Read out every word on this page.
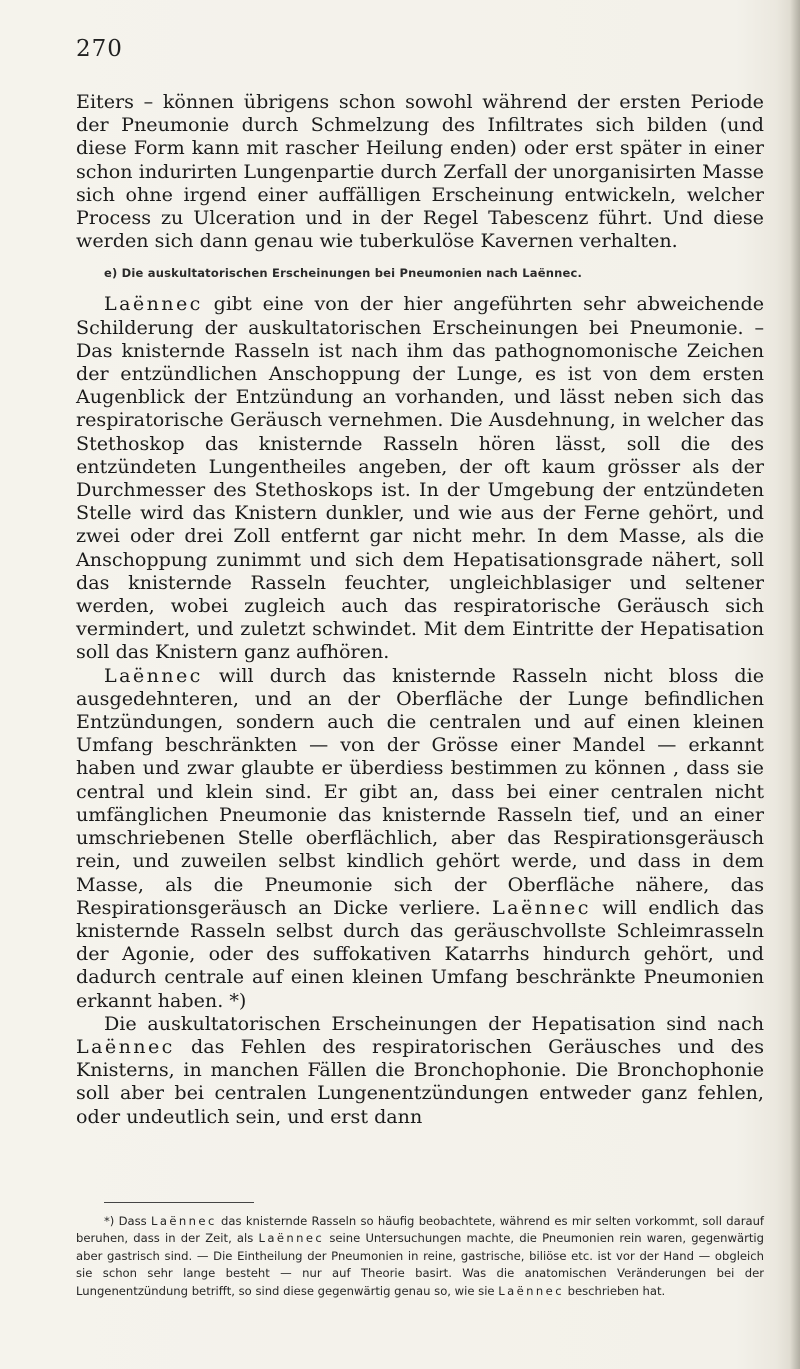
270

Eiters – können übrigens schon sowohl während der ersten Periode der Pneumonie durch Schmelzung des Infiltrates sich bilden (und diese Form kann mit rascher Heilung enden) oder erst später in einer schon indurirten Lungenpartie durch Zerfall der unorganisirten Masse sich ohne irgend einer auffälligen Erscheinung entwickeln, welcher Process zu Ulceration und in der Regel Tabescenz führt. Und diese werden sich dann genau wie tuberkulöse Kavernen verhalten.

e) Die auskultatorischen Erscheinungen bei Pneumonien nach Laënnec.

Laënnec gibt eine von der hier angeführten sehr abweichende Schilderung der auskultatorischen Erscheinungen bei Pneumonie. – Das knisternde Rasseln ist nach ihm das pathognomonische Zeichen der entzündlichen Anschoppung der Lunge, es ist von dem ersten Augenblick der Entzündung an vorhanden, und lässt neben sich das respiratorische Geräusch vernehmen. Die Ausdehnung, in welcher das Stethoskop das knisternde Rasseln hören lässt, soll die des entzündeten Lungentheiles angeben, der oft kaum grösser als der Durchmesser des Stethoskops ist. In der Umgebung der entzündeten Stelle wird das Knistern dunkler, und wie aus der Ferne gehört, und zwei oder drei Zoll entfernt gar nicht mehr. In dem Masse, als die Anschoppung zunimmt und sich dem Hepatisationsgrade nähert, soll das knisternde Rasseln feuchter, ungleichblasiger und seltener werden, wobei zugleich auch das respiratorische Geräusch sich vermindert, und zuletzt schwindet. Mit dem Eintritte der Hepatisation soll das Knistern ganz aufhören.

Laënnec will durch das knisternde Rasseln nicht bloss die ausgedehnteren, und an der Oberfläche der Lunge befindlichen Entzündungen, sondern auch die centralen und auf einen kleinen Umfang beschränkten — von der Grösse einer Mandel — erkannt haben und zwar glaubte er überdiess bestimmen zu können , dass sie central und klein sind. Er gibt an, dass bei einer centralen nicht umfänglichen Pneumonie das knisternde Rasseln tief, und an einer umschriebenen Stelle oberflächlich, aber das Respirationsgeräusch rein, und zuweilen selbst kindlich gehört werde, und dass in dem Masse, als die Pneumonie sich der Oberfläche nähere, das Respirationsgeräusch an Dicke verliere. Laënnec will endlich das knisternde Rasseln selbst durch das geräuschvollste Schleimrasseln der Agonie, oder des suffokativen Katarrhs hindurch gehört, und dadurch centrale auf einen kleinen Umfang beschränkte Pneumonien erkannt haben. *)

Die auskultatorischen Erscheinungen der Hepatisation sind nach Laënnec das Fehlen des respiratorischen Geräusches und des Knisterns, in manchen Fällen die Bronchophonie. Die Bronchophonie soll aber bei centralen Lungenentzündungen entweder ganz fehlen, oder undeutlich sein, und erst dann

*) Dass Laënnec das knisternde Rasseln so häufig beobachtete, während es mir selten vorkommt, soll darauf beruhen, dass in der Zeit, als Laënnec seine Untersuchungen machte, die Pneumonien rein waren, gegenwärtig aber gastrisch sind. — Die Eintheilung der Pneumonien in reine, gastrische, biliöse etc. ist vor der Hand — obgleich sie schon sehr lange besteht — nur auf Theorie basirt. Was die anatomischen Veränderungen bei der Lungenentzündung betrifft, so sind diese gegenwärtig genau so, wie sie Laënnec beschrieben hat.
